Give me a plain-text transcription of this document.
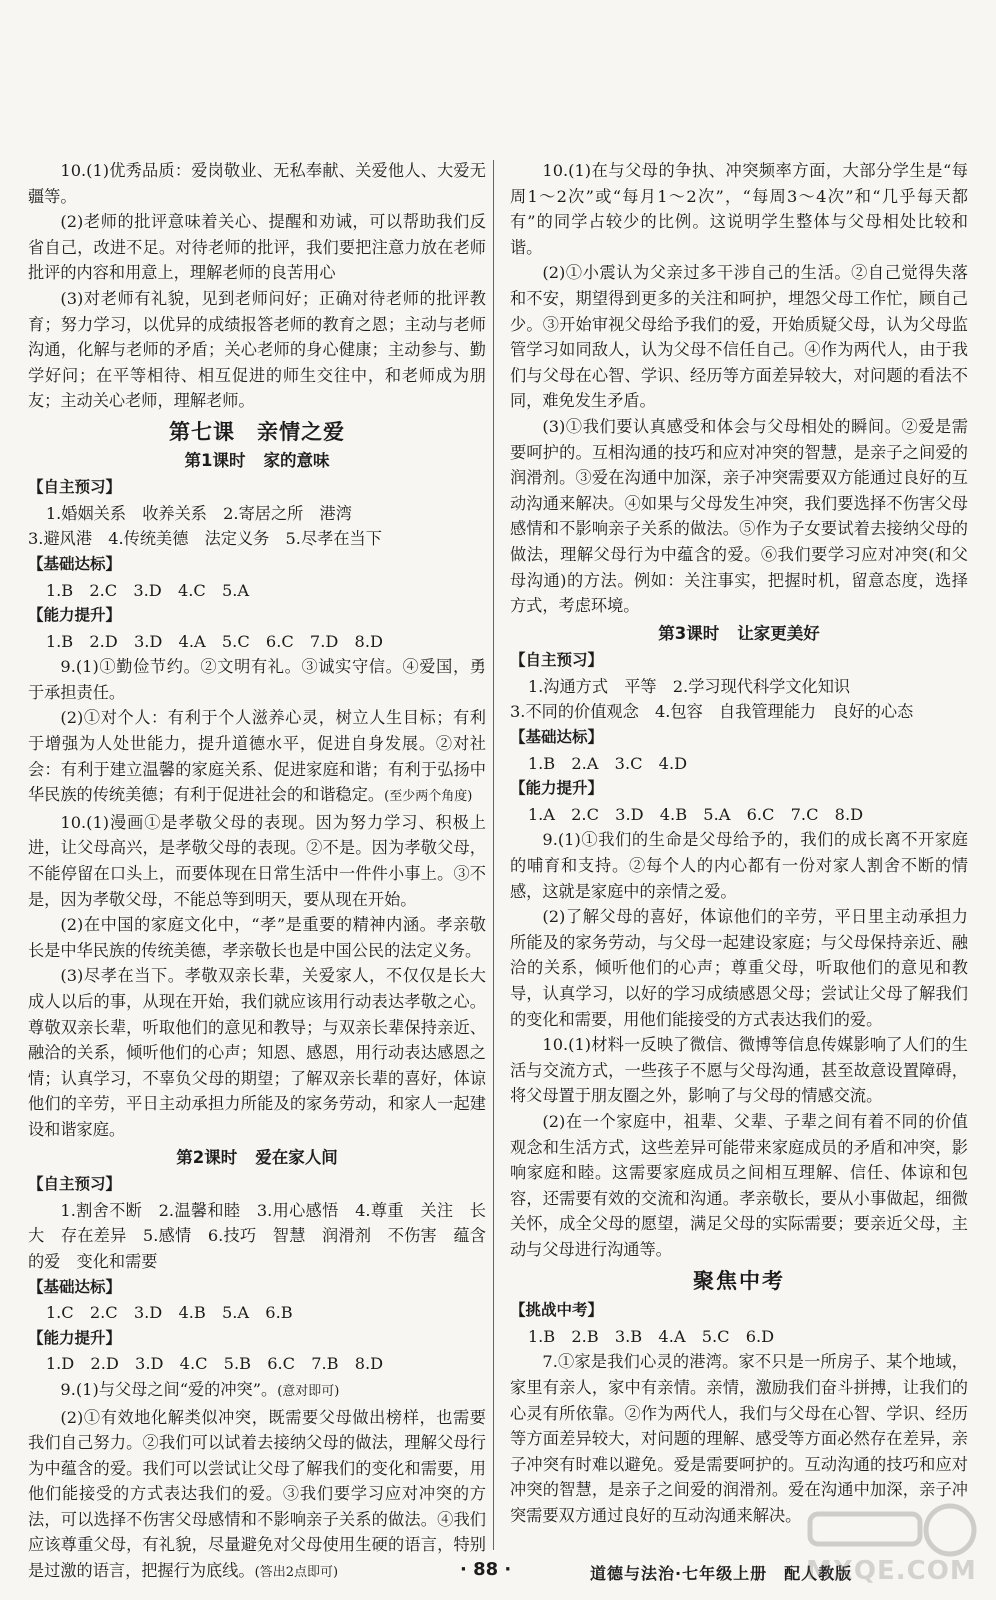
10.(1)优秀品质：爱岗敬业、无私奉献、关爱他人、大爱无疆等。

(2)老师的批评意味着关心、提醒和劝诫，可以帮助我们反省自己，改进不足。对待老师的批评，我们要把注意力放在老师批评的内容和用意上，理解老师的良苦用心

(3)对老师有礼貌，见到老师问好；正确对待老师的批评教育；努力学习，以优异的成绩报答老师的教育之恩；主动与老师沟通，化解与老师的矛盾；关心老师的身心健康；主动参与、勤学好问；在平等相待、相互促进的师生交往中，和老师成为朋友；主动关心老师，理解老师。

第七课 亲情之爱
第1课时 家的意味

【自主预习】

1.婚姻关系　收养关系　2.寄居之所　港湾

3.避风港　4.传统美德　法定义务　5.尽孝在当下

【基础达标】

1.B　2.C　3.D　4.C　5.A

【能力提升】

1.B　2.D　3.D　4.A　5.C　6.C　7.D　8.D

9.(1)①勤俭节约。②文明有礼。③诚实守信。④爱国，勇于承担责任。

(2)①对个人：有利于个人滋养心灵，树立人生目标；有利于增强为人处世能力，提升道德水平，促进自身发展。②对社会：有利于建立温馨的家庭关系、促进家庭和谐；有利于弘扬中华民族的传统美德；有利于促进社会的和谐稳定。(至少两个角度)

10.(1)漫画①是孝敬父母的表现。因为努力学习、积极上进，让父母高兴，是孝敬父母的表现。②不是。因为孝敬父母，不能停留在口头上，而要体现在日常生活中一件件小事上。③不是，因为孝敬父母，不能总等到明天，要从现在开始。

(2)在中国的家庭文化中，“孝”是重要的精神内涵。孝亲敬长是中华民族的传统美德，孝亲敬长也是中国公民的法定义务。

(3)尽孝在当下。孝敬双亲长辈，关爱家人，不仅仅是长大成人以后的事，从现在开始，我们就应该用行动表达孝敬之心。尊敬双亲长辈，听取他们的意见和教导；与双亲长辈保持亲近、融洽的关系，倾听他们的心声；知恩、感恩，用行动表达感恩之情；认真学习，不辜负父母的期望；了解双亲长辈的喜好，体谅他们的辛劳，平日主动承担力所能及的家务劳动，和家人一起建设和谐家庭。

第2课时 爱在家人间

【自主预习】

1.割舍不断　2.温馨和睦　3.用心感悟　4.尊重　关注　长大　存在差异　5.感情　6.技巧　智慧　润滑剂　不伤害　蕴含的爱　变化和需要

【基础达标】

1.C　2.C　3.D　4.B　5.A　6.B

【能力提升】

1.D　2.D　3.D　4.C　5.B　6.C　7.B　8.D

9.(1)与父母之间“爱的冲突”。(意对即可)

(2)①有效地化解类似冲突，既需要父母做出榜样，也需要我们自己努力。②我们可以试着去接纳父母的做法，理解父母行为中蕴含的爱。我们可以尝试让父母了解我们的变化和需要，用他们能接受的方式表达我们的爱。③我们要学习应对冲突的方法，可以选择不伤害父母感情和不影响亲子关系的做法。④我们应该尊重父母，有礼貌，尽量避免对父母使用生硬的语言，特别是过激的语言，把握行为底线。(答出2点即可)

10.(1)在与父母的争执、冲突频率方面，大部分学生是“每周1～2次”或“每月1～2次”，“每周3～4次”和“几乎每天都有”的同学占较少的比例。这说明学生整体与父母相处比较和谐。

(2)①小震认为父亲过多干涉自己的生活。②自己觉得失落和不安，期望得到更多的关注和呵护，埋怨父母工作忙，顾自己少。③开始审视父母给予我们的爱，开始质疑父母，认为父母监管学习如同敌人，认为父母不信任自己。④作为两代人，由于我们与父母在心智、学识、经历等方面差异较大，对问题的看法不同，难免发生矛盾。

(3)①我们要认真感受和体会与父母相处的瞬间。②爱是需要呵护的。互相沟通的技巧和应对冲突的智慧，是亲子之间爱的润滑剂。③爱在沟通中加深，亲子冲突需要双方能通过良好的互动沟通来解决。④如果与父母发生冲突，我们要选择不伤害父母感情和不影响亲子关系的做法。⑤作为子女要试着去接纳父母的做法，理解父母行为中蕴含的爱。⑥我们要学习应对冲突(和父母沟通)的方法。例如：关注事实，把握时机，留意态度，选择方式，考虑环境。

第3课时 让家更美好

【自主预习】

1.沟通方式　平等　2.学习现代科学文化知识

3.不同的价值观念　4.包容　自我管理能力　良好的心态

【基础达标】

1.B　2.A　3.C　4.D

【能力提升】

1.A　2.C　3.D　4.B　5.A　6.C　7.C　8.D

9.(1)①我们的生命是父母给予的，我们的成长离不开家庭的哺育和支持。②每个人的内心都有一份对家人割舍不断的情感，这就是家庭中的亲情之爱。

(2)了解父母的喜好，体谅他们的辛劳，平日里主动承担力所能及的家务劳动，与父母一起建设家庭；与父母保持亲近、融洽的关系，倾听他们的心声；尊重父母，听取他们的意见和教导，认真学习，以好的学习成绩感恩父母；尝试让父母了解我们的变化和需要，用他们能接受的方式表达我们的爱。

10.(1)材料一反映了微信、微博等信息传媒影响了人们的生活与交流方式，一些孩子不愿与父母沟通，甚至故意设置障碍，将父母置于朋友圈之外，影响了与父母的情感交流。

(2)在一个家庭中，祖辈、父辈、子辈之间有着不同的价值观念和生活方式，这些差异可能带来家庭成员的矛盾和冲突，影响家庭和睦。这需要家庭成员之间相互理解、信任、体谅和包容，还需要有效的交流和沟通。孝亲敬长，要从小事做起，细微关怀，成全父母的愿望，满足父母的实际需要；要亲近父母，主动与父母进行沟通等。

聚焦中考

【挑战中考】

1.B　2.B　3.B　4.A　5.C　6.D

7.①家是我们心灵的港湾。家不只是一所房子、某个地域，家里有亲人，家中有亲情。亲情，激励我们奋斗拼搏，让我们的心灵有所依靠。②作为两代人，我们与父母在心智、学识、经历等方面差异较大，对问题的理解、感受等方面必然存在差异，亲子冲突有时难以避免。爱是需要呵护的。互动沟通的技巧和应对冲突的智慧，是亲子之间爱的润滑剂。爱在沟通中加深，亲子冲突需要双方通过良好的互动沟通来解决。

· 88 ·	道德与法治·七年级上册　配人教版
MXQE.COM
